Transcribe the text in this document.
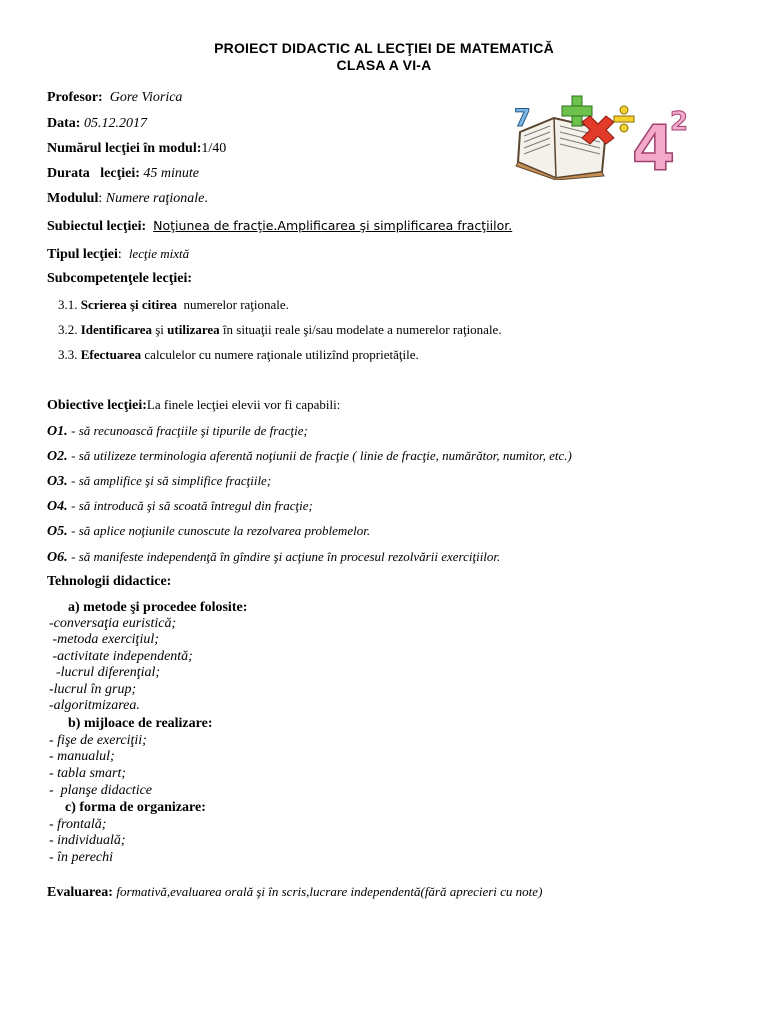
PROIECT DIDACTIC AL LECŢIEI DE MATEMATICĂ
CLASA A VI-A
4
2
7
Profesor: Gore Viorica
Data: 05.12.2017
Numărul lecţiei în modul:1/40
Durata   lecţiei: 45 minute
Modulul: Numere raţionale.
Subiectul lecţiei: Noţiunea de fracţie.Amplificarea şi simplificarea fracţiilor.
Tipul lecţiei:  lecţie mixtă
Subcompetenţele lecţiei:
3.1. Scrierea şi citirea numerelor raţionale.
3.2. Identificarea şi utilizarea în situaţii reale şi/sau modelate a numerelor raţionale.
3.3. Efectuarea calculelor cu numere raţionale utilizînd proprietăţile.
Obiective lecţiei:La finele lecţiei elevii vor fi capabili:
O1. - să recunoască fracţiile şi tipurile de fracţie;
O2. - să utilizeze terminologia aferentă noţiunii de fracţie ( linie de fracţie, numărător, numitor, etc.)
O3. - să amplifice şi să simplifice fracţiile;
O4. - să introducă şi să scoată întregul din fracţie;
O5. - să aplice noţiunile cunoscute la rezolvarea problemelor.
O6. - să manifeste independenţă în gîndire şi acţiune în procesul rezolvării exerciţiilor.
Tehnologii didactice:
a) metode şi procedee folosite:
-conversaţia euristică;
-metoda exerciţiul;
-activitate independentă;
-lucrul diferenţial;
-lucrul în grup;
-algoritmizarea.
b) mijloace de realizare:
- fişe de exerciţii;
- manualul;
- tabla smart;
-  planşe didactice
c) forma de organizare:
- frontală;
- individuală;
- în perechi
Evaluarea: formativă,evaluarea orală şi în scris,lucrare independentă(fără aprecieri cu note)
